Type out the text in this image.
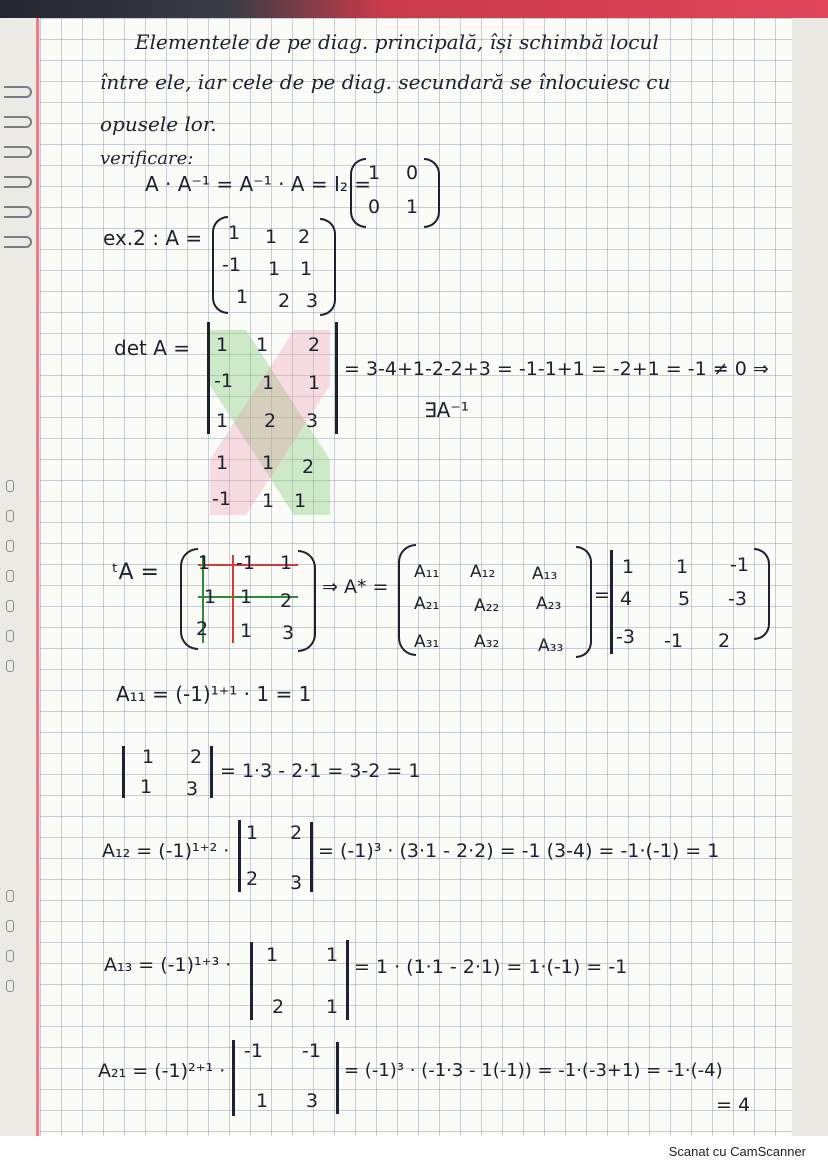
Elementele de pe diag. principală, își schimbă locul
între ele, iar cele de pe diag. secundară se înlocuiesc cu
opusele lor.
verificare:
A · A⁻¹ = A⁻¹ · A = I₂ =
1 0
0 1
ex.2 : A = 1 1 2
-1 1 1
1 2 3
det A = 1 1 2
-1 1 1
1 2 3
1 1 2
-1 1 1
= 3-4+1-2-2+3 = -1-1+1 = -2+1 = -1 ≠ 0 ⇒
∃A⁻¹
ᵗA = 1 -1 1
1 1 2
2 1 3
⇒ A* =
A₁₁ A₁₂ A₁₃
A₂₁ A₂₂ A₂₃
A₃₁ A₃₂ A₃₃
=
1 1 -1
4 5 -3
-3 -1 2
A₁₁ = (-1)¹⁺¹ · 1 = 1
1 2
1 3
= 1·3 - 2·1 = 3-2 = 1
A₁₂ = (-1)¹⁺² ·
1 2
2 3
= (-1)³ · (3·1 - 2·2) = -1 (3-4) = -1·(-1) = 1
A₁₃ = (-1)¹⁺³ · 1	1
2 1
= 1 · (1·1 - 2·1) = 1·(-1) = -1
A₂₁ = (-1)²⁺¹ ·
-1 -1
1 3
= (-1)³ · (-1·3 - 1(-1)) = -1·(-3+1) = -1·(-4)
= 4
Scanat cu CamScanner
